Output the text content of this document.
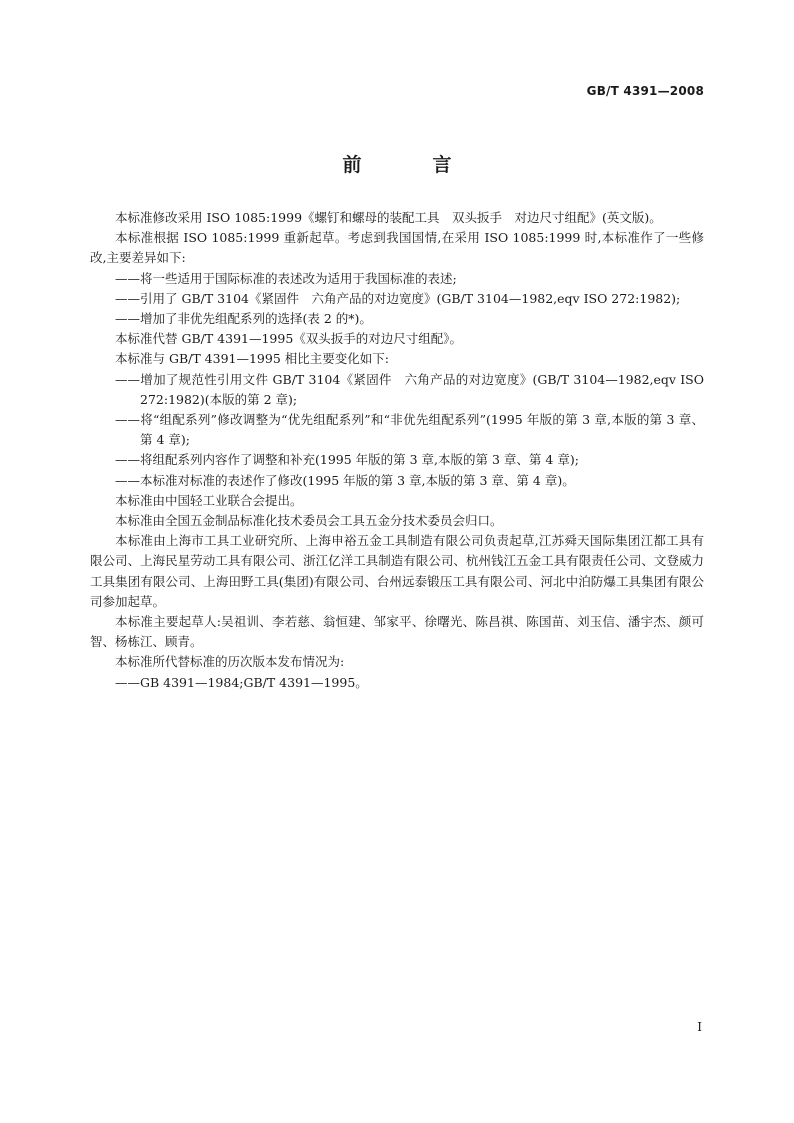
GB/T 4391—2008
前　言

本标准修改采用 ISO 1085:1999《螺钉和螺母的装配工具　双头扳手　对边尺寸组配》(英文版)。

本标准根据 ISO 1085:1999 重新起草。考虑到我国国情,在采用 ISO 1085:1999 时,本标准作了一些修改,主要差异如下:

——将一些适用于国际标准的表述改为适用于我国标准的表述;

——引用了 GB/T 3104《紧固件　六角产品的对边宽度》(GB/T 3104—1982,eqv ISO 272:1982);

——增加了非优先组配系列的选择(表 2 的*)。

本标准代替 GB/T 4391—1995《双头扳手的对边尺寸组配》。

本标准与 GB/T 4391—1995 相比主要变化如下:

——增加了规范性引用文件 GB/T 3104《紧固件　六角产品的对边宽度》(GB/T 3104—1982,eqv ISO 272:1982)(本版的第 2 章);

——将“组配系列”修改调整为“优先组配系列”和“非优先组配系列”(1995 年版的第 3 章,本版的第 3 章、第 4 章);

——将组配系列内容作了调整和补充(1995 年版的第 3 章,本版的第 3 章、第 4 章);

——本标准对标准的表述作了修改(1995 年版的第 3 章,本版的第 3 章、第 4 章)。

本标准由中国轻工业联合会提出。

本标准由全国五金制品标准化技术委员会工具五金分技术委员会归口。

本标准由上海市工具工业研究所、上海申裕五金工具制造有限公司负责起草,江苏舜天国际集团江都工具有限公司、上海民星劳动工具有限公司、浙江亿洋工具制造有限公司、杭州钱江五金工具有限责任公司、文登威力工具集团有限公司、上海田野工具(集团)有限公司、台州远泰锻压工具有限公司、河北中泊防爆工具集团有限公司参加起草。

本标准主要起草人:吴祖训、李若慈、翁恒建、邹家平、徐曙光、陈昌祺、陈国苗、刘玉信、潘宇杰、颜可智、杨栋江、顾青。

本标准所代替标准的历次版本发布情况为:

——GB 4391—1984;GB/T 4391—1995。

I
